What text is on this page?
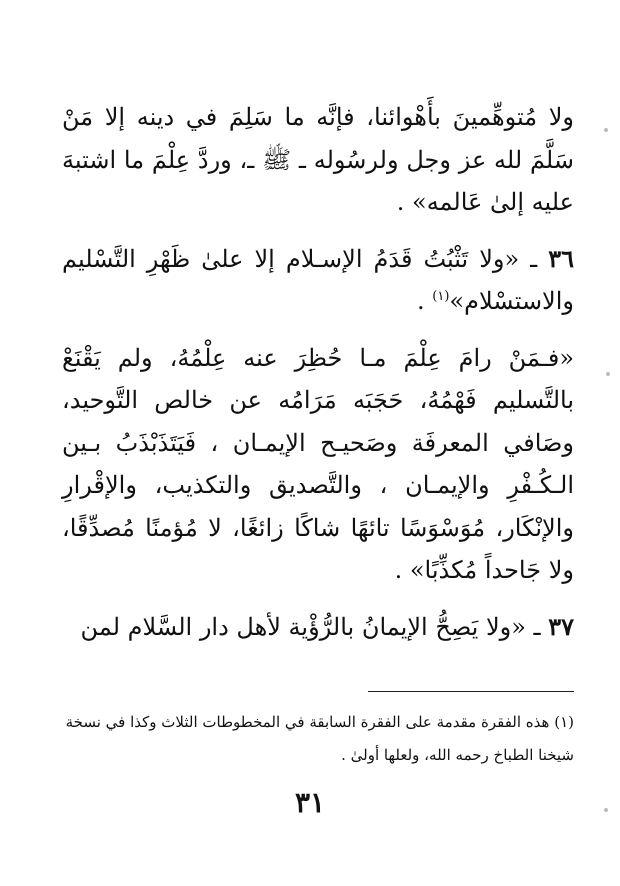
ولا مُتوهِّمينَ بأَهْوائنا، فإنَّه ما سَلِمَ في دينه إلا مَنْ سَلَّمَ لله عز وجل ولرسُوله ـ ﷺ ـ، وردَّ عِلْمَ ما اشتبهَ عليه إلىٰ عَالمه» .

٣٦ ـ «ولا تَثْبُتُ قَدَمُ الإسـلام إلا علىٰ ظَهْرِ التَّسْليم والاستسْلام»$^{(١)}$ .

«فـمَنْ رامَ عِلْمَ مـا حُظِرَ عنه عِلْمُهُ، ولم يَقْنَعْ بالتَّسليم فَهْمُهُ، حَجَبَه مَرَامُه عن خالص التَّوحيد، وصَافي المعرفَة وصَحيـح الإيمـان ، فَيَتَذَبْذَبُ بـين الـكُـفْرِ والإيمـان ، والتَّصديق والتكذيب، والإقْرارِ والإنْكَار، مُوَسْوَسًا تائهًا شاكًا زائغًا، لا مُؤمنًا مُصدِّقًا، ولا جَاحداً مُكذِّبًا» .

٣٧ ـ «ولا يَصِحُّ الإيمانُ بالرُّؤْية لأهل دار السَّلام لمن

(١) هذه الفقرة مقدمة على الفقرة السابقة في المخطوطات الثلاث وكذا في نسخة شيخنا الطباخ رحمه الله، ولعلها أولىٰ .
٣١
